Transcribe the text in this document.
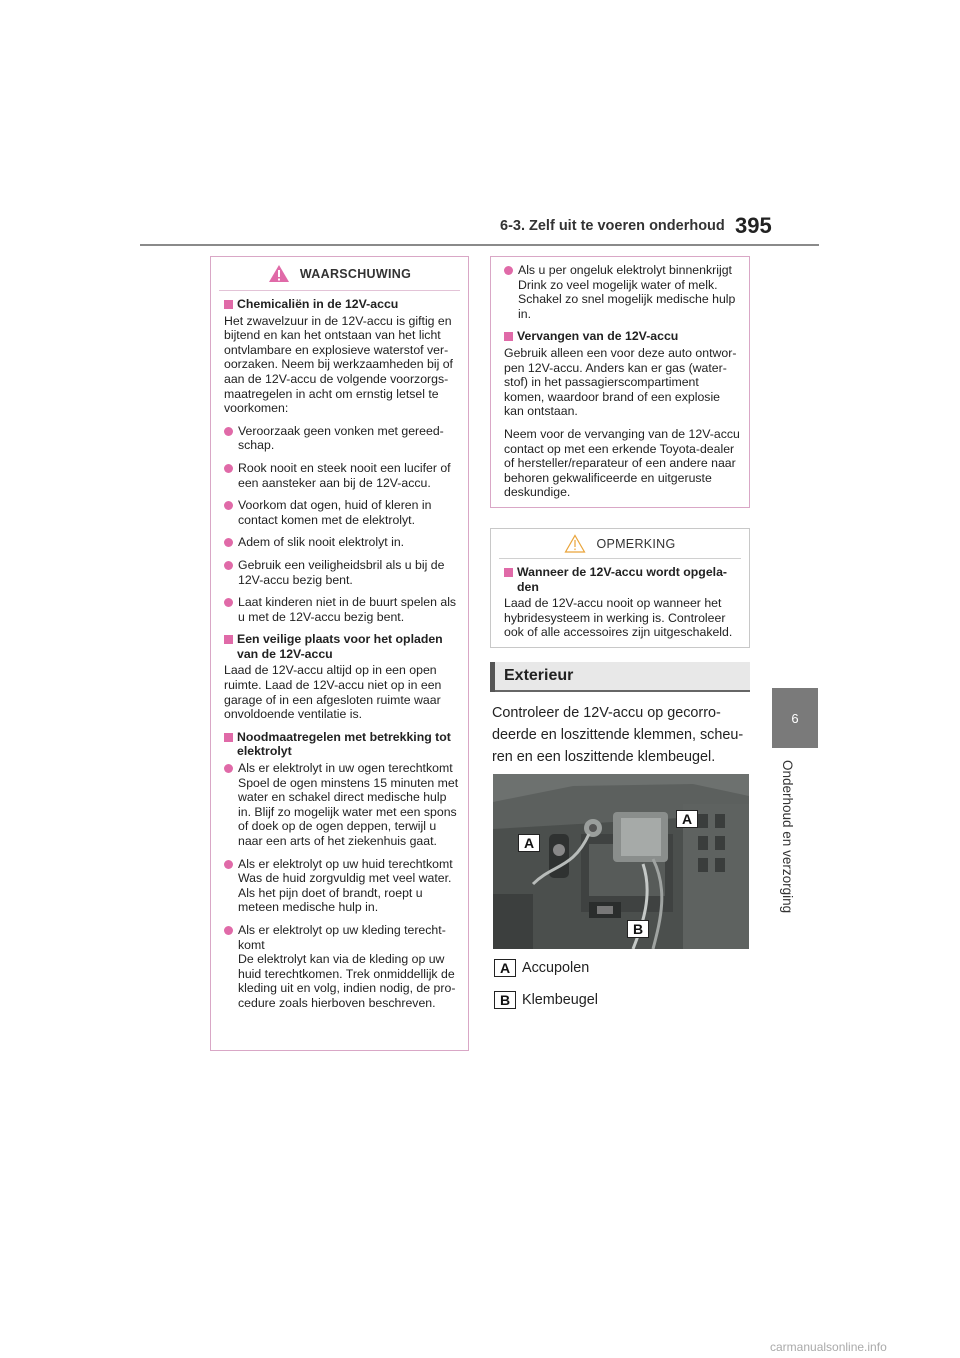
6-3. Zelf uit te voeren onderhoud 395
6
Onderhoud en verzorging
WAARSCHUWING
Chemicaliën in de 12V-accu

Het zwavelzuur in de 12V-accu is giftig en bijtend en kan het ontstaan van het licht ontvlambare en explosieve waterstof veroorzaken. Neem bij werkzaamheden bij of aan de 12V-accu de volgende voorzorgsmaatregelen in acht om ernstig letsel te voorkomen:

Veroorzaak geen vonken met gereedschap.
Rook nooit en steek nooit een lucifer of een aansteker aan bij de 12V-accu.
Voorkom dat ogen, huid of kleren in contact komen met de elektrolyt.
Adem of slik nooit elektrolyt in.
Gebruik een veiligheidsbril als u bij de 12V-accu bezig bent.
Laat kinderen niet in de buurt spelen als u met de 12V-accu bezig bent.
Een veilige plaats voor het opladen van de 12V-accu

Laad de 12V-accu altijd op in een open ruimte. Laad de 12V-accu niet op in een garage of in een afgesloten ruimte waar onvoldoende ventilatie is.

Noodmaatregelen met betrekking tot elektrolyt
Als er elektrolyt in uw ogen terechtkomt
Spoel de ogen minstens 15 minuten met water en schakel direct medische hulp in. Blijf zo mogelijk water met een spons of doek op de ogen deppen, terwijl u naar een arts of het ziekenhuis gaat.
Als er elektrolyt op uw huid terechtkomt
Was de huid zorgvuldig met veel water. Als het pijn doet of brandt, roept u meteen medische hulp in.
Als er elektrolyt op uw kleding terechtkomt
De elektrolyt kan via de kleding op uw huid terechtkomen. Trek onmiddellijk de kleding uit en volg, indien nodig, de procedure zoals hierboven beschreven.
Als u per ongeluk elektrolyt binnenkrijgt
Drink zo veel mogelijk water of melk. Schakel zo snel mogelijk medische hulp in.
Vervangen van de 12V-accu

Gebruik alleen een voor deze auto ontworpen 12V-accu. Anders kan er gas (waterstof) in het passagierscompartiment komen, waardoor brand of een explosie kan ontstaan.

Neem voor de vervanging van de 12V-accu contact op met een erkende Toyota-dealer of hersteller/reparateur of een andere naar behoren gekwalificeerde en uitgeruste deskundige.

OPMERKING
Wanneer de 12V-accu wordt opgeladen

Laad de 12V-accu nooit op wanneer het hybridesysteem in werking is. Controleer ook of alle accessoires zijn uitgeschakeld.

Exterieur
Controleer de 12V-accu op gecorrodeerde en loszittende klemmen, scheuren en een loszittende klembeugel.
A
A
B
A Accupolen
B Klembeugel
carmanualsonline.info
